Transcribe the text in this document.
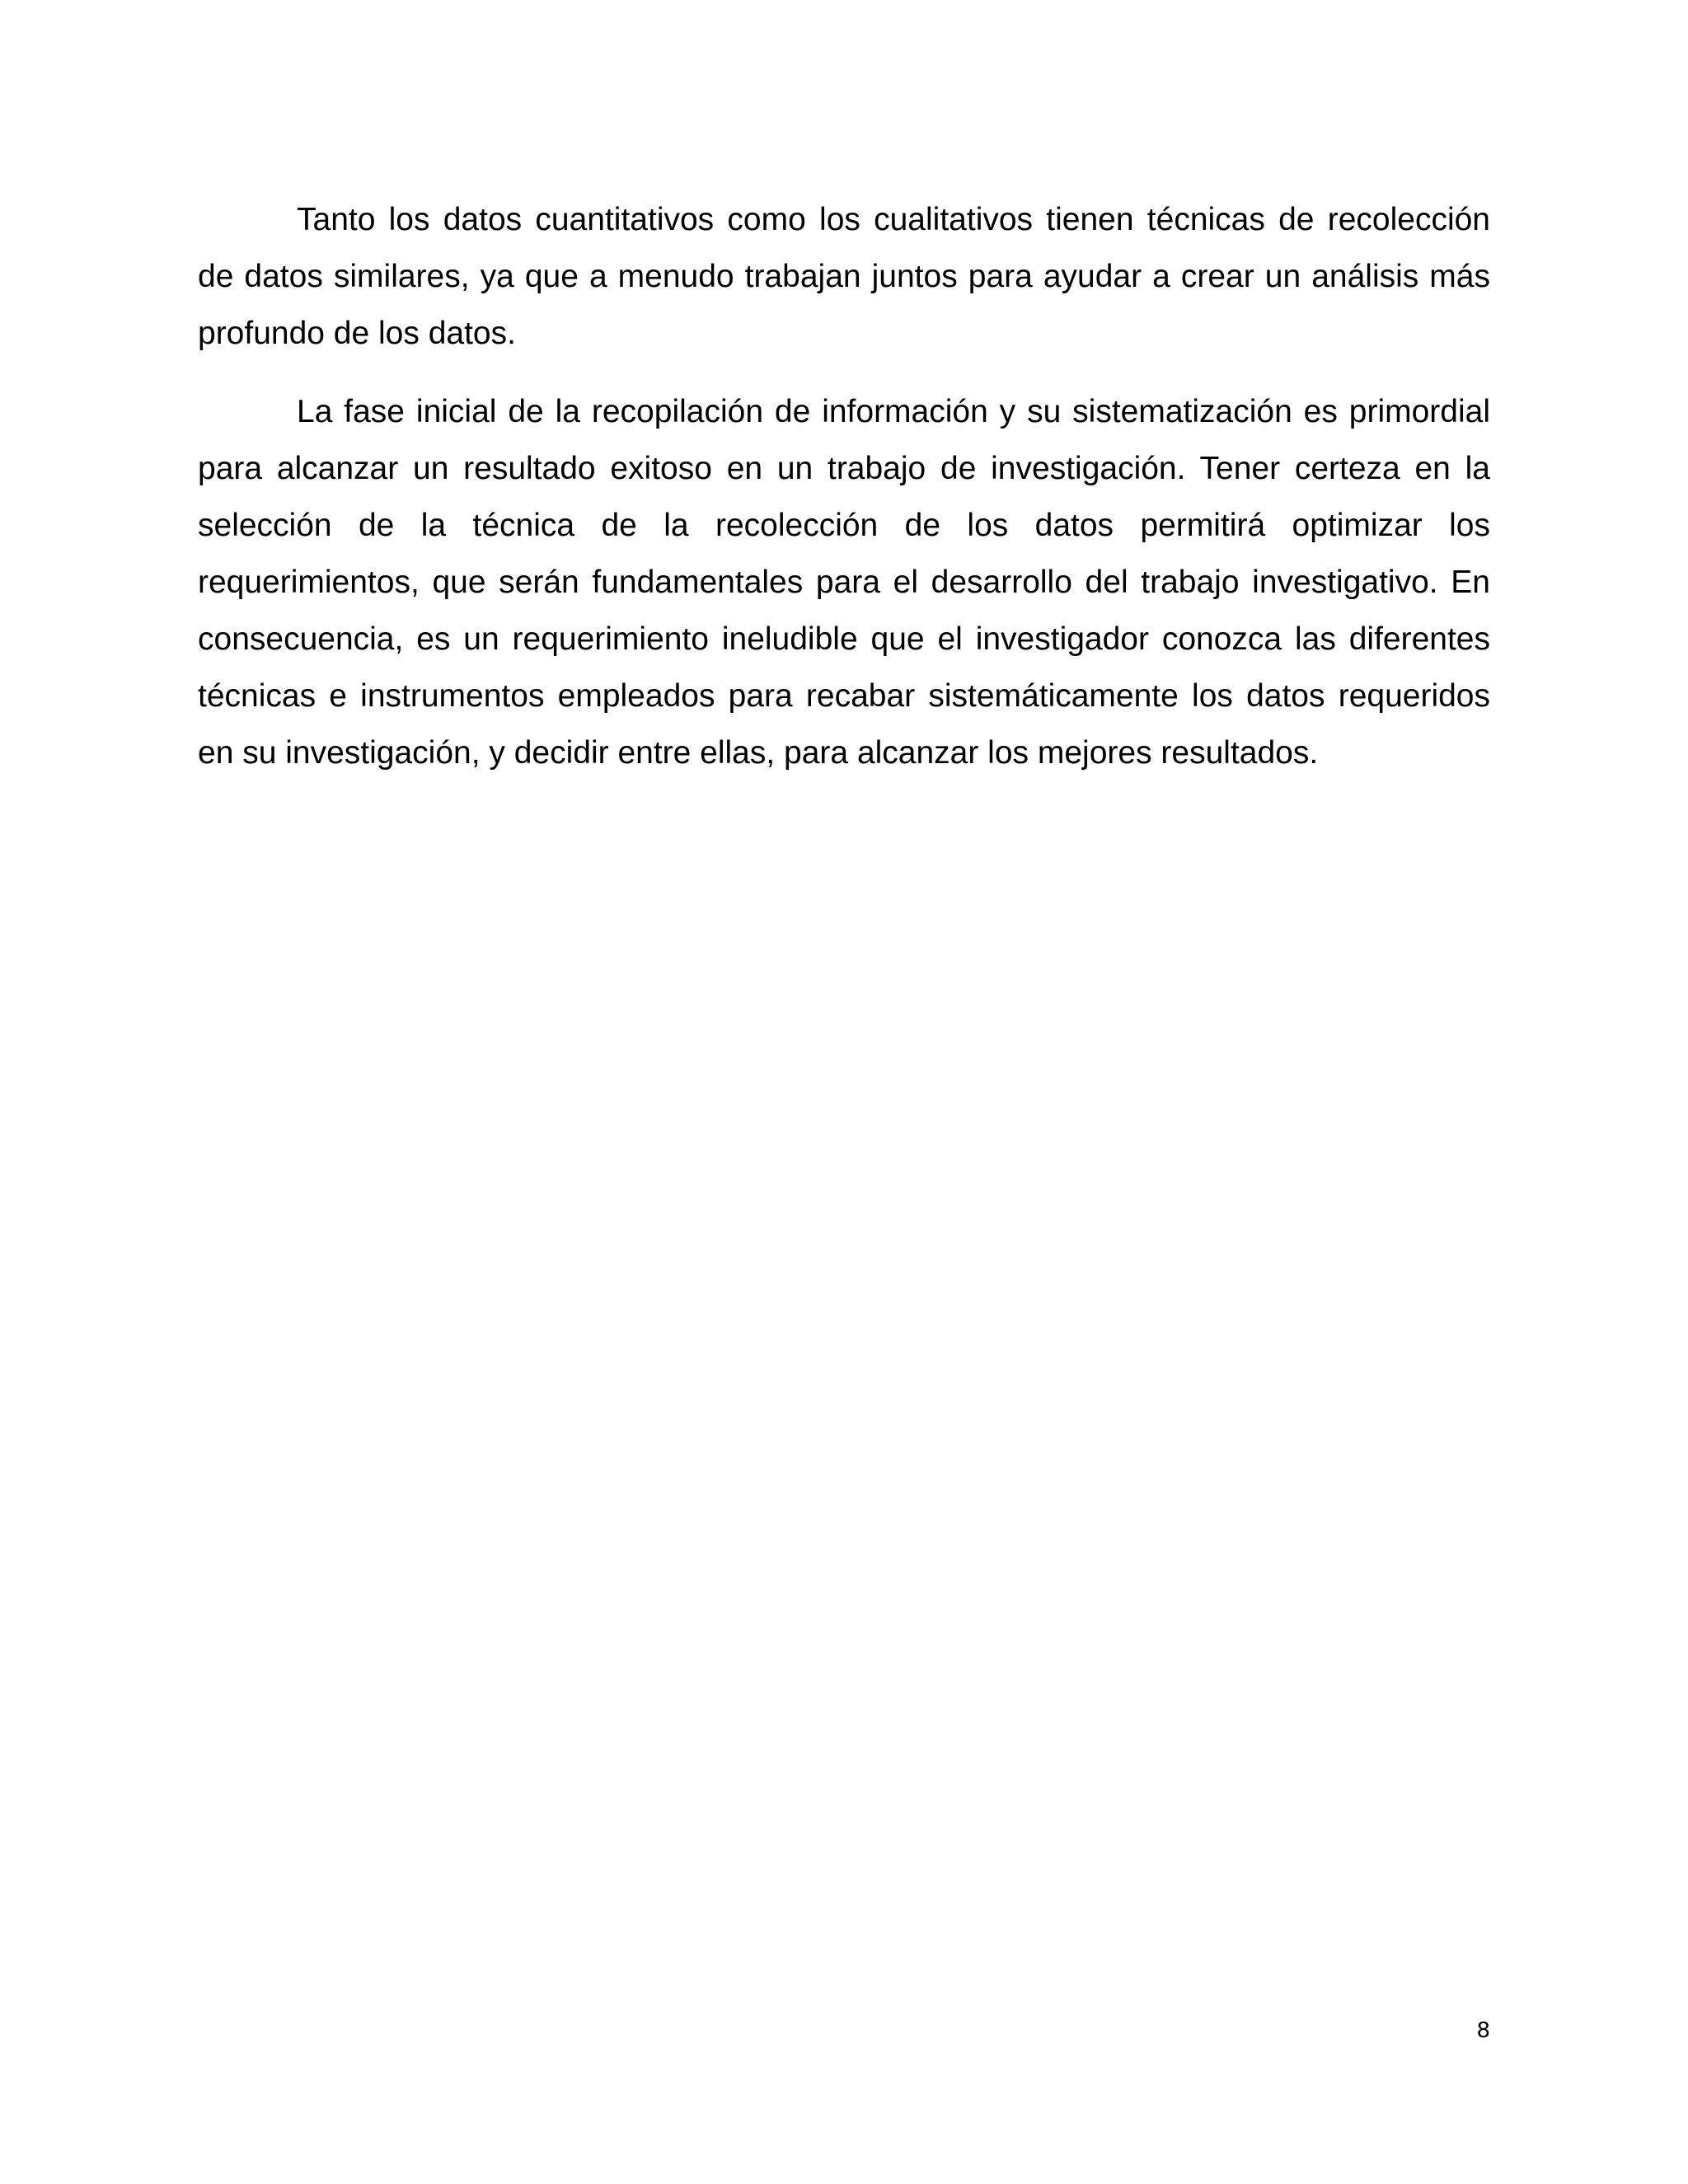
Tanto los datos cuantitativos como los cualitativos tienen técnicas de recolección de datos similares, ya que a menudo trabajan juntos para ayudar a crear un análisis más profundo de los datos.

La fase inicial de la recopilación de información y su sistematización es primordial para alcanzar un resultado exitoso en un trabajo de investigación. Tener certeza en la selección de la técnica de la recolección de los datos permitirá optimizar los requerimientos, que serán fundamentales para el desarrollo del trabajo investigativo. En consecuencia, es un requerimiento ineludible que el investigador conozca las diferentes técnicas e instrumentos empleados para recabar sistemáticamente los datos requeridos en su investigación, y decidir entre ellas, para alcanzar los mejores resultados.

8
